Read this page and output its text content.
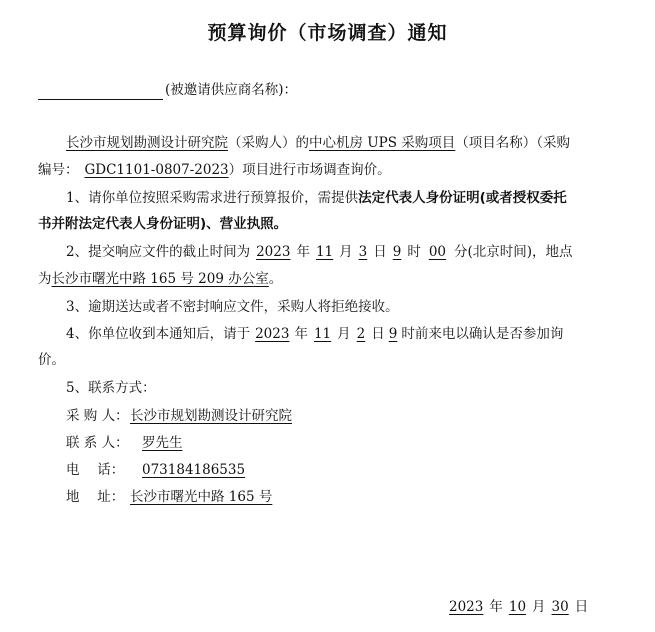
预算询价（市场调查）通知
(被邀请供应商名称)：
长沙市规划勘测设计研究院（采购人）的中心机房 UPS 采购项目（项目名称）（采购
编号： GDC1101-0807-2023）项目进行市场调查询价。
1、请你单位按照采购需求进行预算报价，需提供法定代表人身份证明(或者授权委托
书并附法定代表人身份证明)、营业执照。
2、提交响应文件的截止时间为 2023 年 11 月 3 日 9 时 00 分(北京时间)，地点
为长沙市曙光中路 165 号 209 办公室。
3、逾期送达或者不密封响应文件，采购人将拒绝接收。
4、你单位收到本通知后，请于 2023 年 11 月 2 日 9 时前来电以确认是否参加询
价。
5、联系方式：
采 购 人：长沙市规划勘测设计研究院
联 系 人： 罗先生
电　 话： 073184186535
地　 址： 长沙市曙光中路 165 号
2023 年 10 月 30 日
